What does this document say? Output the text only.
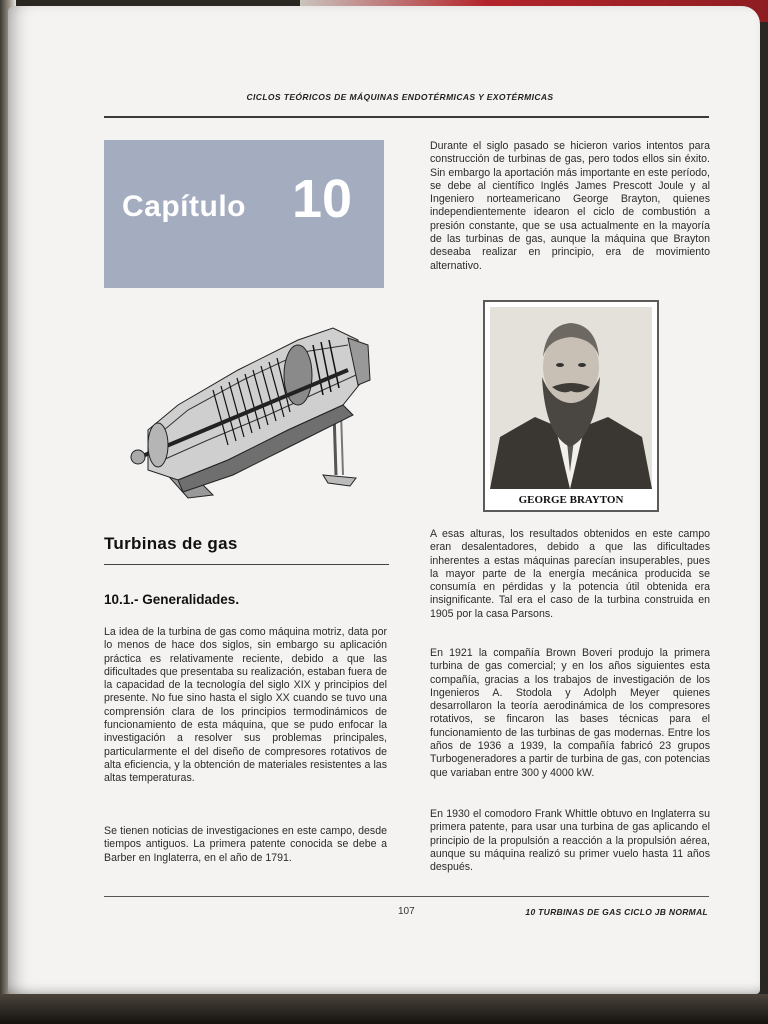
CICLOS TEÓRICOS DE MÁQUINAS ENDOTÉRMICAS Y EXOTÉRMICAS
Capítulo 10
GEORGE BRAYTON
Turbinas de gas
10.1.- Generalidades.

La idea de la turbina de gas como máquina motriz, data por lo menos de hace dos siglos, sin embargo su aplicación práctica es relativamente reciente, debido a que las dificultades que presentaba su realización, estaban fuera de la capacidad de la tecnología del siglo XIX y principios del presente. No fue sino hasta el siglo XX cuando se tuvo una comprensión clara de los principios termodinámicos de funcionamiento de esta máquina, que se pudo enfocar la investigación a resolver sus problemas principales, particularmente el del diseño de compresores rotativos de alta eficiencia, y la obtención de materiales resistentes a las altas temperaturas.

Se tienen noticias de investigaciones en este campo, desde tiempos antiguos. La primera patente conocida se debe a Barber en Inglaterra, en el año de 1791.

Durante el siglo pasado se hicieron varios intentos para construcción de turbinas de gas, pero todos ellos sin éxito. Sin embargo la aportación más importante en este período, se debe al científico Inglés James Prescott Joule y al Ingeniero norteamericano George Brayton, quienes independientemente idearon el ciclo de combustión a presión constante, que se usa actualmente en la mayoría de las turbinas de gas, aunque la máquina que Brayton deseaba realizar en principio, era de movimiento alternativo.

A esas alturas, los resultados obtenidos en este campo eran desalentadores, debido a que las dificultades inherentes a estas máquinas parecían insuperables, pues la mayor parte de la energía mecánica producida se consumía en pérdidas y la potencia útil obtenida era insignificante. Tal era el caso de la turbina construida en 1905 por la casa Parsons.

En 1921 la compañía Brown Boveri produjo la primera turbina de gas comercial; y en los años siguientes esta compañía, gracias a los trabajos de investigación de los Ingenieros A. Stodola y Adolph Meyer quienes desarrollaron la teoría aerodinámica de los compresores rotativos, se fincaron las bases técnicas para el funcionamiento de las turbinas de gas modernas. Entre los años de 1936 a 1939, la compañía fabricó 23 grupos Turbogeneradores a partir de turbina de gas, con potencias que variaban entre 300 y 4000 kW.

En 1930 el comodoro Frank Whittle obtuvo en Inglaterra su primera patente, para usar una turbina de gas aplicando el principio de la propulsión a reacción a la propulsión aérea, aunque su máquina realizó su primer vuelo hasta 11 años después.

107	10 TURBINAS DE GAS CICLO JB NORMAL
